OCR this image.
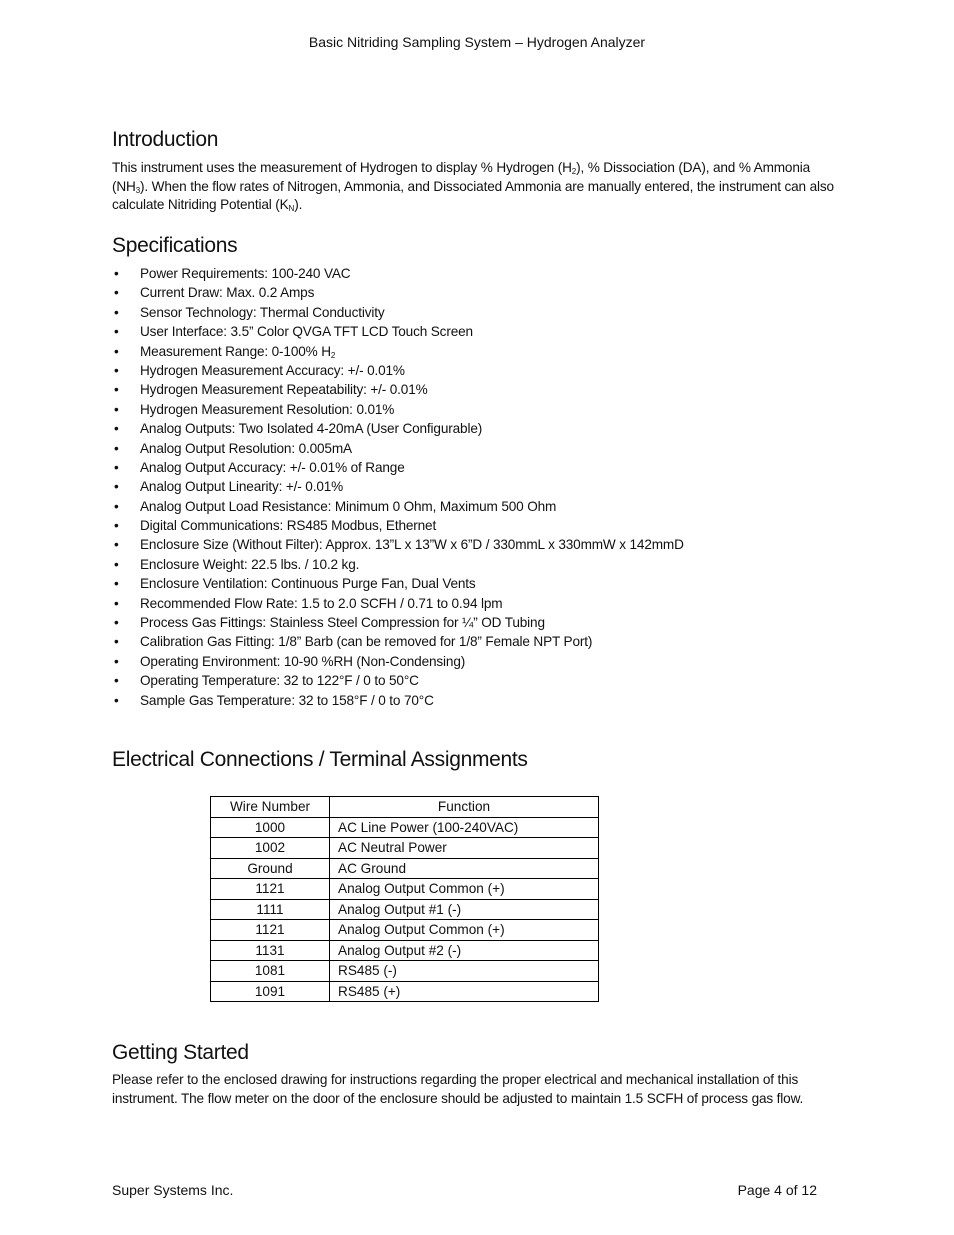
Basic Nitriding Sampling System – Hydrogen Analyzer
Introduction
This instrument uses the measurement of Hydrogen to display % Hydrogen $(H_2)$, % Dissociation (DA), and % Ammonia $(NH_3)$. When the flow rates of Nitrogen, Ammonia, and Dissociated Ammonia are manually entered, the instrument can also calculate Nitriding Potential $(K_N)$.
Specifications
• Power Requirements: 100-240 VAC
• Current Draw: Max. 0.2 Amps
• Sensor Technology: Thermal Conductivity
• User Interface: 3.5” Color QVGA TFT LCD Touch Screen
• Measurement Range: 0-100% $H_2$
• Hydrogen Measurement Accuracy: +/- 0.01%
• Hydrogen Measurement Repeatability: +/- 0.01%
• Hydrogen Measurement Resolution: 0.01%
• Analog Outputs: Two Isolated 4-20mA (User Configurable)
• Analog Output Resolution: 0.005mA
• Analog Output Accuracy: +/- 0.01% of Range
• Analog Output Linearity: +/- 0.01%
• Analog Output Load Resistance: Minimum 0 Ohm, Maximum 500 Ohm
• Digital Communications: RS485 Modbus, Ethernet
• Enclosure Size (Without Filter): Approx. 13”L x 13”W x 6”D / 330mmL x 330mmW x 142mmD
• Enclosure Weight: 22.5 lbs. / 10.2 kg.
• Enclosure Ventilation: Continuous Purge Fan, Dual Vents
• Recommended Flow Rate: 1.5 to 2.0 SCFH / 0.71 to 0.94 lpm
• Process Gas Fittings: Stainless Steel Compression for ¼” OD Tubing
• Calibration Gas Fitting: 1/8” Barb (can be removed for 1/8” Female NPT Port)
• Operating Environment: 10-90 %RH (Non-Condensing)
• Operating Temperature: 32 to 122°F / 0 to 50°C
• Sample Gas Temperature: 32 to 158°F / 0 to 70°C
Electrical Connections / Terminal Assignments
Wire Number	Function
1000	AC Line Power (100-240VAC)
1002	AC Neutral Power
Ground	AC Ground
1121	Analog Output Common (+)
1111	Analog Output #1 (-)
1121	Analog Output Common (+)
1131	Analog Output #2 (-)
1081	RS485 (-)
1091	RS485 (+)
Getting Started
Please refer to the enclosed drawing for instructions regarding the proper electrical and mechanical installation of this instrument. The flow meter on the door of the enclosure should be adjusted to maintain 1.5 SCFH of process gas flow.
Super Systems Inc.	Page 4 of 12
